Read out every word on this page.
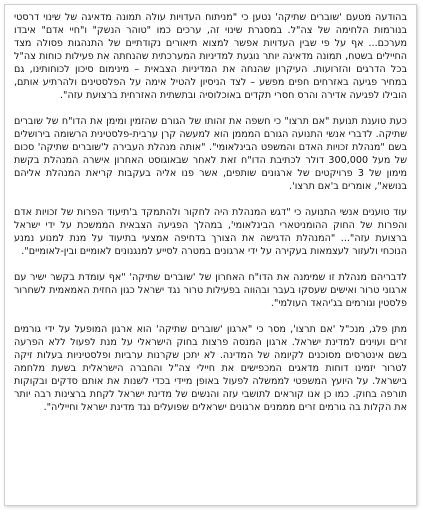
בהודעה מטעם 'שוברים שתיקה' נטען כי "מניתוח העדויות עולה תמונה מדאיגה של שינוי דרסטי בנורמות הלחימה של צה"ל. במסגרת שינוי זה, ערכים כמו "טוהר הנשק" ו"חיי אדם" איבדו מערכם... אף על פי שבין העדויות אפשר למצוא תיאורים נקודתיים של התנהגות פסולה מצד החיילים בשטח, תמונה מדאיגה יותר נוגעת למדיניות המערכתית שהנחתה את פעילות כוחות צה"ל בכל הדרגים והזרועות. העיקרון שהנחה את המדיניות הצבאית – מינימום סיכון לכוחותינו, גם במחיר פגיעה באזרחים חפים מפשע – לצד הניסיון להטיל אימה על הפלסטינים ולהרתיע אותם, הובילו לפגיעה אדירה והרס חסרי תקדים באוכלוסיה ובתשתית האזרחית ברצועת עזה".

כעת טוענת תנועת "אם תרצו" כי חשפה את זהותו של הגורם שהזמין ומימן את הדו"ח של שוברים שתיקה. לדברי אנשי התנועה הגורם המממן הוא למעשה קרן ערבית-פלסטינית הרשומה בירושלים בשם "מנהלת זכויות האדם והמשפט הבינלאומי". "אותה מנהלת העבירה ל'שוברים שתיקה' סכום של מעל 300,000 דולר לכתיבת הדו"ח זאת לאחר שבאוגוסט האחרון אישרה המנהלת בקשת מימון של 3 פרויקטים של ארגונים שותפים, אשר פנו אליה בעקבות קריאת המנהלת אליהם בנושא", אומרים ב'אם תרצו'.

עוד טוענים אנשי התנועה כי "דגש המנהלת היה לחקור ולהתמקד ב'תיעוד הפרות של זכויות אדם והפרות של החוק ההומניטארי הבינלאומי', במהלך הפגיעה הצבאית הממשכת על ידי ישראל ברצועת עזה"... "המנהלת הדגישה את הצורך בדחיפה אמצעי בתיעוד על מנת למנוע נמנע הנוכחי ולעזור לעצמאות בעקירה על ידי ארגונים במטרה לסייע למנגנונים לאומיים ובין-לאומיים".

לדבריהם מנהלת זו שמימנה את הדו"ח האחרון של 'שוברים שתיקה' "אף עומדת בקשר ישיר עם ארגוני טרור ואישים שעסקו בעבר ובהווה בפעילות טרור נגד ישראל כגון החזית האמאמית לשחרור פלסטין וגורמים בג'יהאד העולמי".

מתן פלג, מנכ"ל 'אם תרצו', מסר כי "ארגון 'שוברים שתיקה' הוא ארגון המופעל על ידי גורמים זרים ועוינים למדינת ישראל. ארגון המנסה פרצות בחוק הישראלי על מנת לפעול ללא הפרעה בשם אינטרסים מסוכנים לקיומה של המדינה. לא יתכן שקרנות ערביות ופלסטיניות בעלות זיקה לטרור יזמינו דוחות מדאגים המכפישים את חיילי צה"ל והחברה הישראלית בשעת מלחמה בישראל. על היועץ המשפטי לממשלה לפעול באופן מיידי בכדי לשנות את אותם סדקים ובקוקות תורפה בחוק. כמו כן אנו קוראים לתושבי עזה והנשים של מדינת ישראל לקחת ברצינות רבה יותר את הקלות בה גורמים זרים מממנים ארגונים ישראלים שפועלים נגד מדינת ישראל וחייליה".
